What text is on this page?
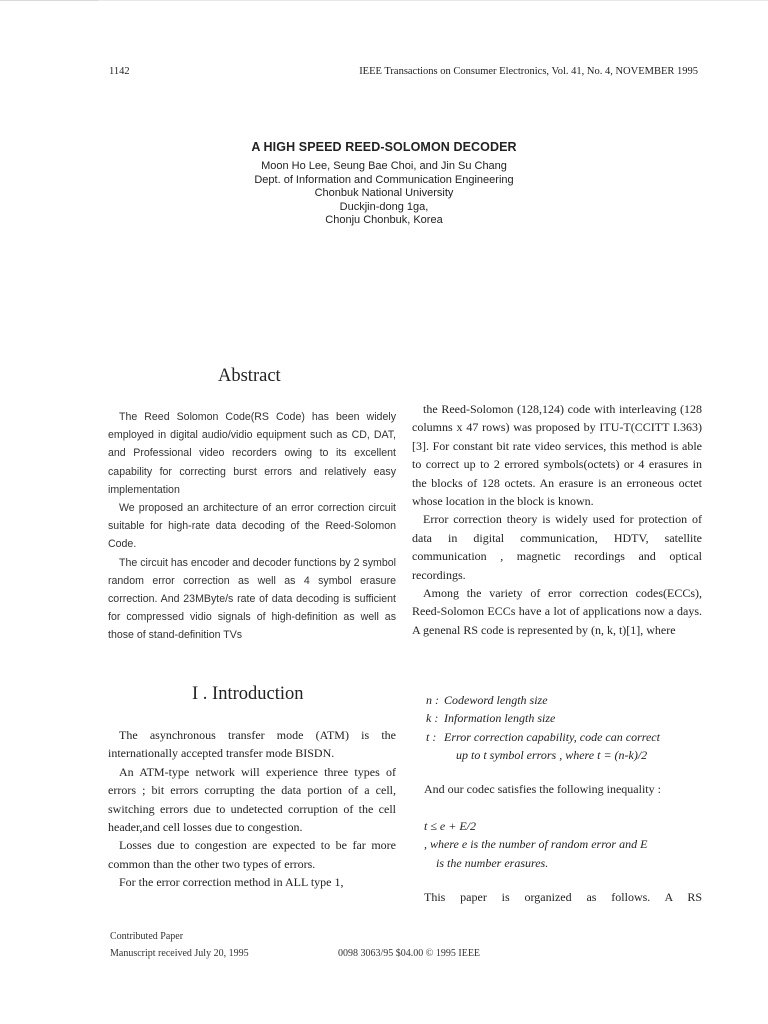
1142	IEEE Transactions on Consumer Electronics, Vol. 41, No. 4, NOVEMBER 1995
A HIGH SPEED REED-SOLOMON DECODER
Moon Ho Lee, Seung Bae Choi, and Jin Su Chang
Dept. of Information and Communication Engineering
Chonbuk National University
Duckjin-dong 1ga,
Chonju Chonbuk, Korea
Abstract

The Reed Solomon Code(RS Code) has been widely employed in digital audio/vidio equipment such as CD, DAT, and Professional video recorders owing to its excellent capability for correcting burst errors and relatively easy implementation

We proposed an architecture of an error correction circuit suitable for high-rate data decoding of the Reed-Solomon Code.

The circuit has encoder and decoder functions by 2 symbol random error correction as well as 4 symbol erasure correction. And 23MByte/s rate of data decoding is sufficient for compressed vidio signals of high-definition as well as those of stand-definition TVs

I . Introduction

The asynchronous transfer mode (ATM) is the internationally accepted transfer mode BISDN.

An ATM-type network will experience three types of errors ; bit errors corrupting the data portion of a cell, switching errors due to undetected corruption of the cell header,and cell losses due to congestion.

Losses due to congestion are expected to be far more common than the other two types of errors.

For the error correction method in ALL type 1,

the Reed-Solomon (128,124) code with interleaving (128 columns x 47 rows) was proposed by ITU-T(CCITT I.363)[3]. For constant bit rate video services, this method is able to correct up to 2 errored symbols(octets) or 4 erasures in the blocks of 128 octets. An erasure is an erroneous octet whose location in the block is known.

Error correction theory is widely used for protection of data in digital communication, HDTV, satellite communication , magnetic recordings and optical recordings.

Among the variety of error correction codes(ECCs), Reed-Solomon ECCs have a lot of applications now a days. A genenal RS code is represented by (n, k, t)[1], where

n : Codeword length size
k : Information length size
t : Error correction capability, code can correct
up to t symbol errors , where t = (n-k)/2
And our codec satisfies the following inequality :
t ≤ e + E/2
, where e is the number of random error and E
is the number erasures.
This paper is organized as follows. A RS
Contributed Paper
Manuscript received July 20, 1995	0098 3063/95 $04.00 © 1995 IEEE
